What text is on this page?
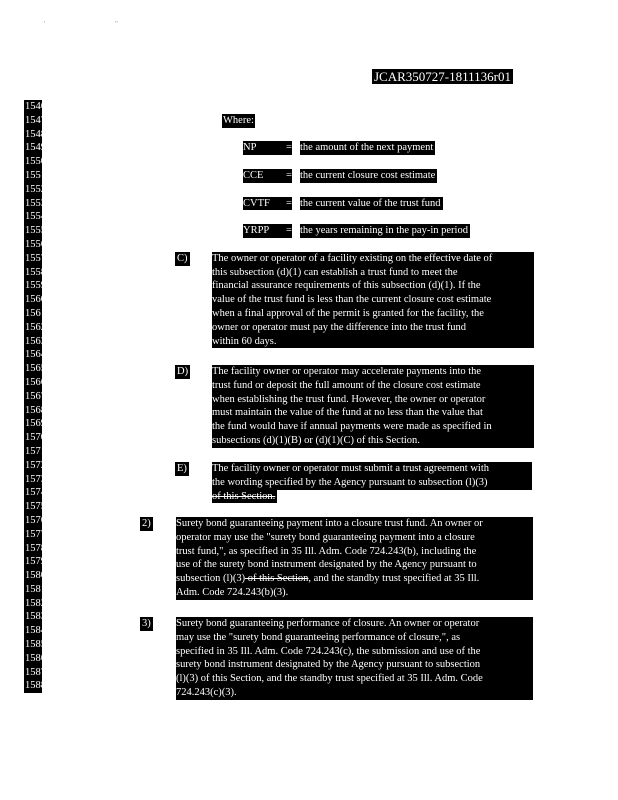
' "
JCAR350727-1811136r01
1546
1547
1548
1549
1550
1551
1552
1553
1554
1555
1556
1557
1558
1559
1560
1561
1562
1563
1564
1565
1566
1567
1568
1569
1570
1571
1572
1573
1574
1575
1576
1577
1578
1579
1580
1581
1582
1583
1584
1585
1586
1587
1588
Where:
NP	= the amount of the next payment
CCE	= the current closure cost estimate
CVTF	= the current value of the trust fund
YRPP	= the years remaining in the pay-in period
C) The owner or operator of a facility existing on the effective date of
this subsection (d)(1) can establish a trust fund to meet the
financial assurance requirements of this subsection (d)(1). If the
value of the trust fund is less than the current closure cost estimate
when a final approval of the permit is granted for the facility, the
owner or operator must pay the difference into the trust fund
within 60 days.
D) The facility owner or operator may accelerate payments into the
trust fund or deposit the full amount of the closure cost estimate
when establishing the trust fund. However, the owner or operator
must maintain the value of the fund at no less than the value that
the fund would have if annual payments were made as specified in
subsections (d)(1)(B) or (d)(1)(C) of this Section.
E) The facility owner or operator must submit a trust agreement with
the wording specified by the Agency pursuant to subsection (l)(3)
of this Section.
2) Surety bond guaranteeing payment into a closure trust fund. An owner or
operator may use the "surety bond guaranteeing payment into a closure
trust fund,", as specified in 35 Ill. Adm. Code 724.243(b), including the
use of the surety bond instrument designated by the Agency pursuant to
subsection (l)(3) of this Section, and the standby trust specified at 35 Ill.
Adm. Code 724.243(b)(3).
3) Surety bond guaranteeing performance of closure. An owner or operator
may use the "surety bond guaranteeing performance of closure,", as
specified in 35 Ill. Adm. Code 724.243(c), the submission and use of the
surety bond instrument designated by the Agency pursuant to subsection
(l)(3) of this Section, and the standby trust specified at 35 Ill. Adm. Code
724.243(c)(3).
